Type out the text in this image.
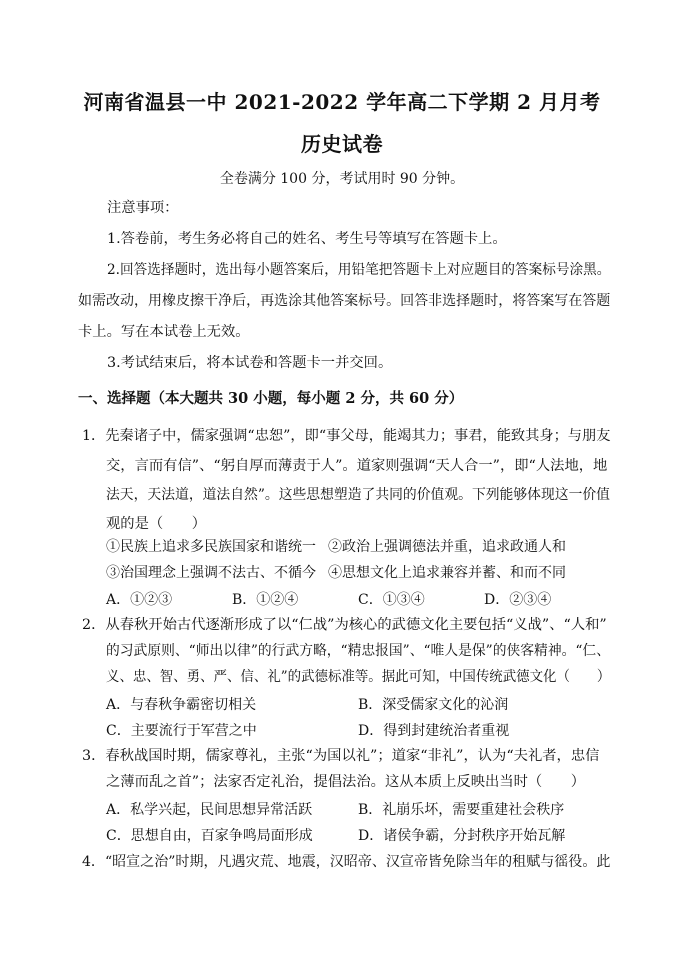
河南省温县一中 2021-2022 学年高二下学期 2 月月考
历史试卷
全卷满分 100 分，考试用时 90 分钟。
注意事项：
1.答卷前，考生务必将自己的姓名、考生号等填写在答题卡上。
2.回答选择题时，选出每小题答案后，用铅笔把答题卡上对应题目的答案标号涂黑。
如需改动，用橡皮擦干净后，再选涂其他答案标号。回答非选择题时，将答案写在答题
卡上。写在本试卷上无效。
3.考试结束后，将本试卷和答题卡一并交回。
一、选择题（本大题共 30 小题，每小题 2 分，共 60 分）
1．先秦诸子中，儒家强调“忠恕”，即“事父母，能竭其力；事君，能致其身；与朋友
交，言而有信”、“躬自厚而薄责于人”。道家则强调“天人合一”，即“人法地，地
法天，天法道，道法自然”。这些思想塑造了共同的价值观。下列能够体现这一价值
观的是（　　）
①民族上追求多民族国家和谐统一 ②政治上强调德法并重，追求政通人和
③治国理念上强调不法古、不循今 ④思想文化上追求兼容并蓄、和而不同
A．①②③	B．①②④	C．①③④	D．②③④
2．从春秋开始古代逐渐形成了以“仁战”为核心的武德文化主要包括“义战”、“人和”
的习武原则、“师出以律”的行武方略，“精忠报国”、“唯人是保”的侠客精神。“仁、
义、忠、智、勇、严、信、礼”的武德标准等。据此可知，中国传统武德文化（　　）
A．与春秋争霸密切相关	B．深受儒家文化的沁润
C．主要流行于军营之中	D．得到封建统治者重视
3．春秋战国时期，儒家尊礼，主张“为国以礼”；道家“非礼”，认为“夫礼者，忠信
之薄而乱之首”；法家否定礼治，提倡法治。这从本质上反映出当时（　　）
A．私学兴起，民间思想异常活跃	B．礼崩乐坏，需要重建社会秩序
C．思想自由，百家争鸣局面形成	D．诸侯争霸，分封秩序开始瓦解
4．“昭宣之治”时期，凡遇灾荒、地震，汉昭帝、汉宣帝皆免除当年的租赋与徭役。此
